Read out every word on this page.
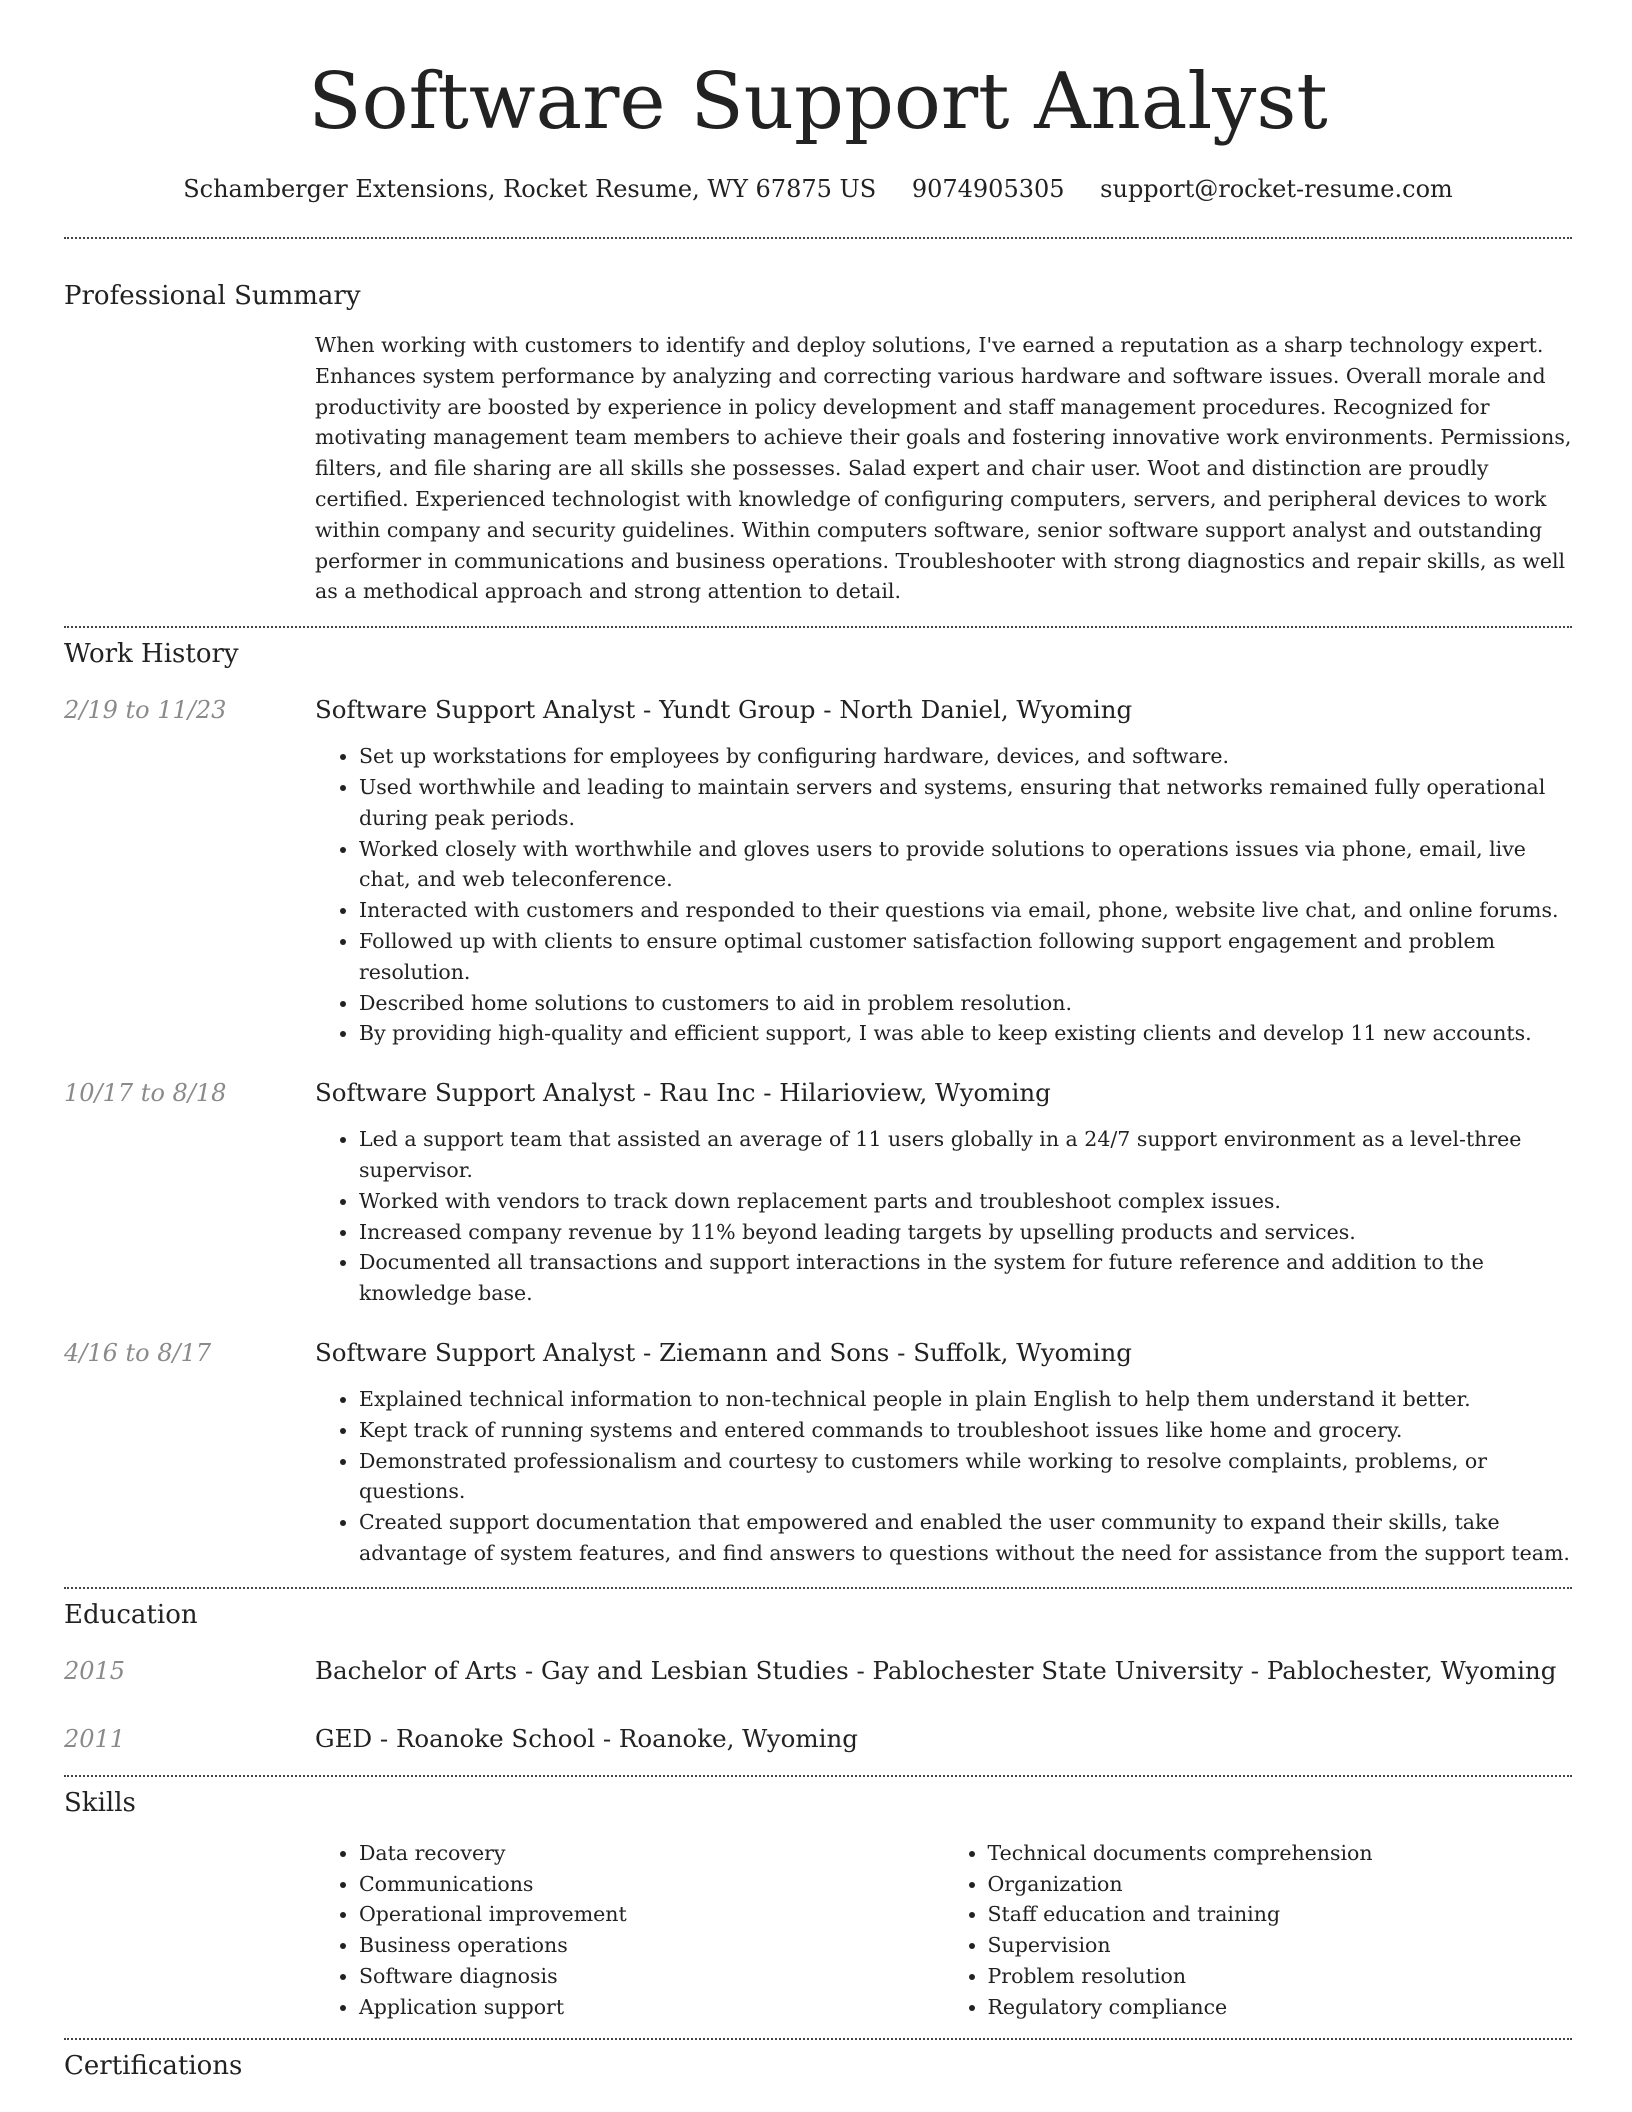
Software Support Analyst
Schamberger Extensions, Rocket Resume, WY 67875 US 9074905305 support@rocket-resume.com
Professional Summary

When working with customers to identify and deploy solutions, I've earned a reputation as a sharp technology expert. Enhances system performance by analyzing and correcting various hardware and software issues. Overall morale and productivity are boosted by experience in policy development and staff management procedures. Recognized for motivating management team members to achieve their goals and fostering innovative work environments. Permissions, filters, and file sharing are all skills she possesses. Salad expert and chair user. Woot and distinction are proudly certified. Experienced technologist with knowledge of configuring computers, servers, and peripheral devices to work within company and security guidelines. Within computers software, senior software support analyst and outstanding performer in communications and business operations. Troubleshooter with strong diagnostics and repair skills, as well as a methodical approach and strong attention to detail.

Work History
2/19 to 11/23	Software Support Analyst - Yundt Group - North Daniel, Wyoming
• Set up workstations for employees by configuring hardware, devices, and software.
• Used worthwhile and leading to maintain servers and systems, ensuring that networks remained fully operational during peak periods.
• Worked closely with worthwhile and gloves users to provide solutions to operations issues via phone, email, live chat, and web teleconference.
• Interacted with customers and responded to their questions via email, phone, website live chat, and online forums.
• Followed up with clients to ensure optimal customer satisfaction following support engagement and problem resolution.
• Described home solutions to customers to aid in problem resolution.
• By providing high-quality and efficient support, I was able to keep existing clients and develop 11 new accounts.
10/17 to 8/18	Software Support Analyst - Rau Inc - Hilarioview, Wyoming
• Led a support team that assisted an average of 11 users globally in a 24/7 support environment as a level-three supervisor.
• Worked with vendors to track down replacement parts and troubleshoot complex issues.
• Increased company revenue by 11% beyond leading targets by upselling products and services.
• Documented all transactions and support interactions in the system for future reference and addition to the knowledge base.
4/16 to 8/17	Software Support Analyst - Ziemann and Sons - Suffolk, Wyoming
• Explained technical information to non-technical people in plain English to help them understand it better.
• Kept track of running systems and entered commands to troubleshoot issues like home and grocery.
• Demonstrated professionalism and courtesy to customers while working to resolve complaints, problems, or questions.
• Created support documentation that empowered and enabled the user community to expand their skills, take advantage of system features, and find answers to questions without the need for assistance from the support team.
Education
2015	Bachelor of Arts - Gay and Lesbian Studies - Pablochester State University - Pablochester, Wyoming
2011	GED - Roanoke School - Roanoke, Wyoming
Skills
• Data recovery
• Communications
• Operational improvement
• Business operations
• Software diagnosis
• Application support
• Technical documents comprehension
• Organization
• Staff education and training
• Supervision
• Problem resolution
• Regulatory compliance
Certifications
